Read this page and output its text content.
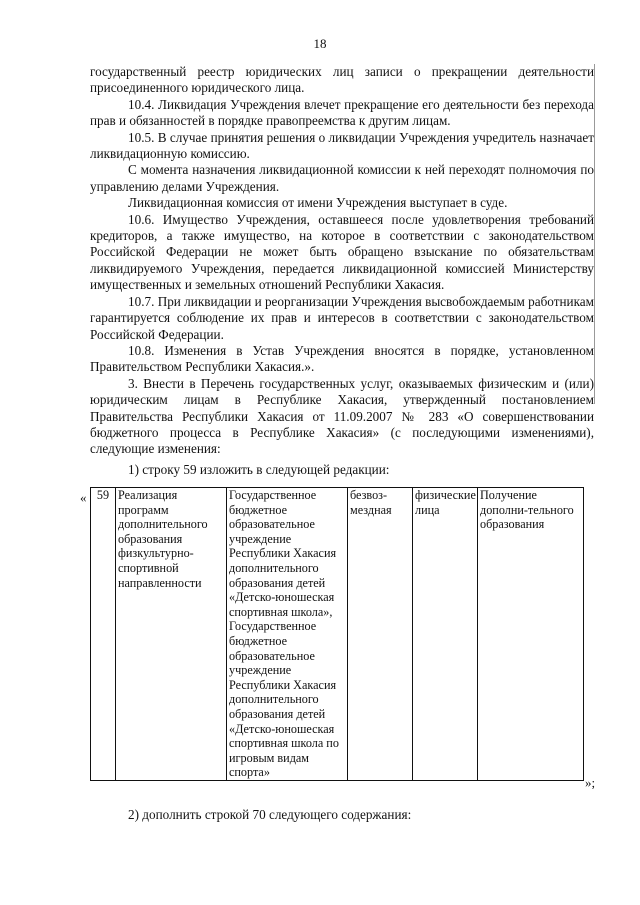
18

государственный реестр юридических лиц записи о прекращении деятельности присоединенного юридического лица.

10.4. Ликвидация Учреждения влечет прекращение его деятельности без перехода прав и обязанностей в порядке правопреемства к другим лицам.

10.5. В случае принятия решения о ликвидации Учреждения учредитель назначает ликвидационную комиссию.

С момента назначения ликвидационной комиссии к ней переходят полномочия по управлению делами Учреждения.

Ликвидационная комиссия от имени Учреждения выступает в суде.

10.6. Имущество Учреждения, оставшееся после удовлетворения требований кредиторов, а также имущество, на которое в соответствии с законодательством Российской Федерации не может быть обращено взыскание по обязательствам ликвидируемого Учреждения, передается ликвидационной комиссией Министерству имущественных и земельных отношений Республики Хакасия.

10.7. При ликвидации и реорганизации Учреждения высвобождаемым работникам гарантируется соблюдение их прав и интересов в соответствии с законодательством Российской Федерации.

10.8. Изменения в Устав Учреждения вносятся в порядке, установленном Правительством Республики Хакасия.».

3. Внести в Перечень государственных услуг, оказываемых физическим и (или) юридическим лицам в Республике Хакасия, утвержденный постановлением Правительства Республики Хакасия от 11.09.2007 № 283 «О совершенствовании бюджетного процесса в Республике Хакасия» (с последующими изменениями), следующие изменения:

1) строку 59 изложить в следующей редакции:

« 59	Реализация программ дополнительного образования физкультурно-спортивной направленности	Государственное бюджетное образовательное учреждение Республики Хакасия дополнительного образования детей «Детско-юношеская спортивная школа», Государственное бюджетное образовательное учреждение Республики Хакасия дополнительного образования детей «Детско-юношеская спортивная школа по игровым видам спорта»	безвоз-мездная	физические лица	Получение дополни-тельного образования
»;
2) дополнить строкой 70 следующего содержания:
